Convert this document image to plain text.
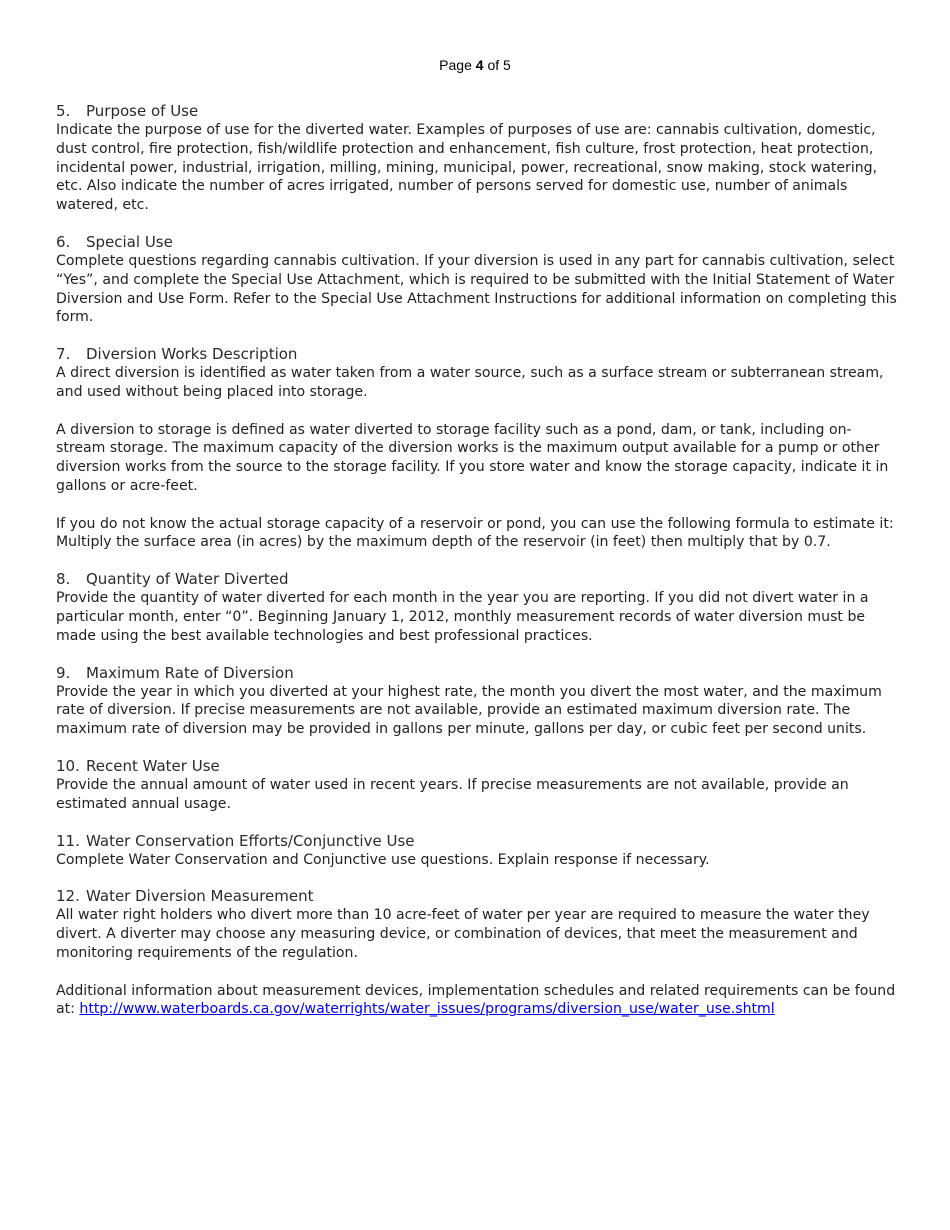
Page 4 of 5
5.	Purpose of Use

Indicate the purpose of use for the diverted water. Examples of purposes of use are: cannabis cultivation, domestic, dust control, fire protection, fish/wildlife protection and enhancement, fish culture, frost protection, heat protection, incidental power, industrial, irrigation, milling, mining, municipal, power, recreational, snow making, stock watering, etc. Also indicate the number of acres irrigated, number of persons served for domestic use, number of animals watered, etc.

6.	Special Use

Complete questions regarding cannabis cultivation. If your diversion is used in any part for cannabis cultivation, select “Yes”, and complete the Special Use Attachment, which is required to be submitted with the Initial Statement of Water Diversion and Use Form. Refer to the Special Use Attachment Instructions for additional information on completing this form.

7.	Diversion Works Description

A direct diversion is identified as water taken from a water source, such as a surface stream or subterranean stream, and used without being placed into storage.

A diversion to storage is defined as water diverted to storage facility such as a pond, dam, or tank, including on-stream storage. The maximum capacity of the diversion works is the maximum output available for a pump or other diversion works from the source to the storage facility. If you store water and know the storage capacity, indicate it in gallons or acre-feet.

If you do not know the actual storage capacity of a reservoir or pond, you can use the following formula to estimate it: Multiply the surface area (in acres) by the maximum depth of the reservoir (in feet) then multiply that by 0.7.

8.	Quantity of Water Diverted

Provide the quantity of water diverted for each month in the year you are reporting. If you did not divert water in a particular month, enter “0”. Beginning January 1, 2012, monthly measurement records of water diversion must be made using the best available technologies and best professional practices.

9.	Maximum Rate of Diversion

Provide the year in which you diverted at your highest rate, the month you divert the most water, and the maximum rate of diversion. If precise measurements are not available, provide an estimated maximum diversion rate. The maximum rate of diversion may be provided in gallons per minute, gallons per day, or cubic feet per second units.

10. Recent Water Use

Provide the annual amount of water used in recent years. If precise measurements are not available, provide an estimated annual usage.

11. Water Conservation Efforts/Conjunctive Use

Complete Water Conservation and Conjunctive use questions. Explain response if necessary.

12. Water Diversion Measurement

All water right holders who divert more than 10 acre-feet of water per year are required to measure the water they divert. A diverter may choose any measuring device, or combination of devices, that meet the measurement and monitoring requirements of the regulation.

Additional information about measurement devices, implementation schedules and related requirements can be found at: http://www.waterboards.ca.gov/waterrights/water_issues/programs/diversion_use/water_use.shtml
